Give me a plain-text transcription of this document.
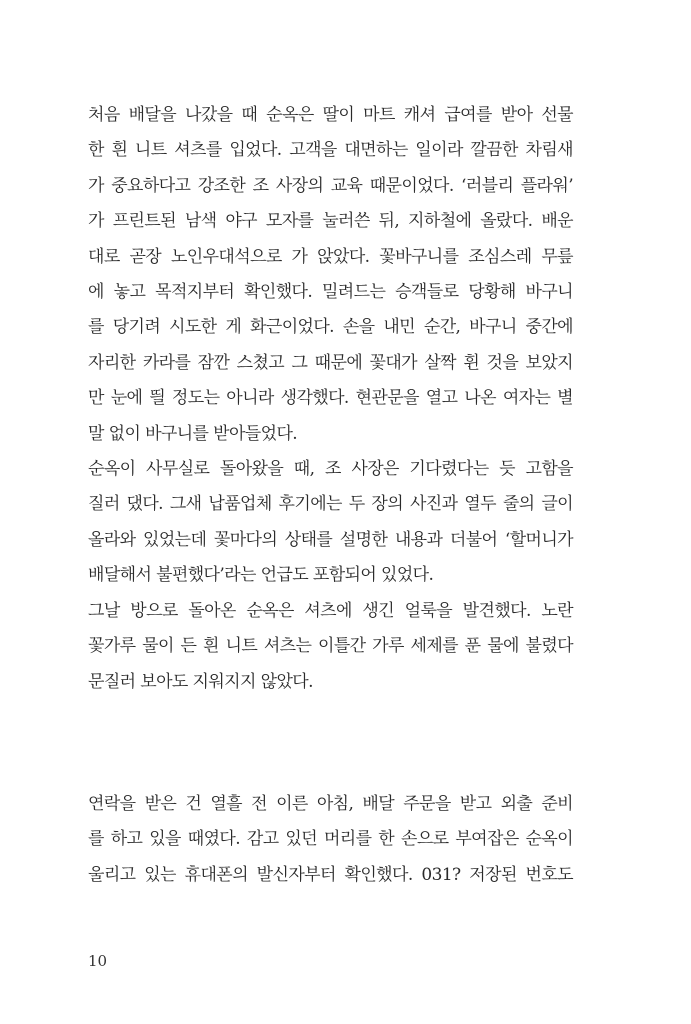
처음 배달을 나갔을 때 순옥은 딸이 마트 캐셔 급여를 받아 선물
한 흰 니트 셔츠를 입었다. 고객을 대면하는 일이라 깔끔한 차림새
가 중요하다고 강조한 조 사장의 교육 때문이었다. ‘러블리 플라워’
가 프린트된 남색 야구 모자를 눌러쓴 뒤, 지하철에 올랐다. 배운
대로 곧장 노인우대석으로 가 앉았다. 꽃바구니를 조심스레 무릎
에 놓고 목적지부터 확인했다. 밀려드는 승객들로 당황해 바구니
를 당기려 시도한 게 화근이었다. 손을 내민 순간, 바구니 중간에
자리한 카라를 잠깐 스쳤고 그 때문에 꽃대가 살짝 휜 것을 보았지
만 눈에 띌 정도는 아니라 생각했다. 현관문을 열고 나온 여자는 별
말 없이 바구니를 받아들었다.
순옥이 사무실로 돌아왔을 때, 조 사장은 기다렸다는 듯 고함을
질러 댔다. 그새 납품업체 후기에는 두 장의 사진과 열두 줄의 글이
올라와 있었는데 꽃마다의 상태를 설명한 내용과 더불어 ‘할머니가
배달해서 불편했다’라는 언급도 포함되어 있었다.
그날 방으로 돌아온 순옥은 셔츠에 생긴 얼룩을 발견했다. 노란
꽃가루 물이 든 흰 니트 셔츠는 이틀간 가루 세제를 푼 물에 불렸다
문질러 보아도 지워지지 않았다.
연락을 받은 건 열흘 전 이른 아침, 배달 주문을 받고 외출 준비
를 하고 있을 때였다. 감고 있던 머리를 한 손으로 부여잡은 순옥이
울리고 있는 휴대폰의 발신자부터 확인했다. 031? 저장된 번호도
10
